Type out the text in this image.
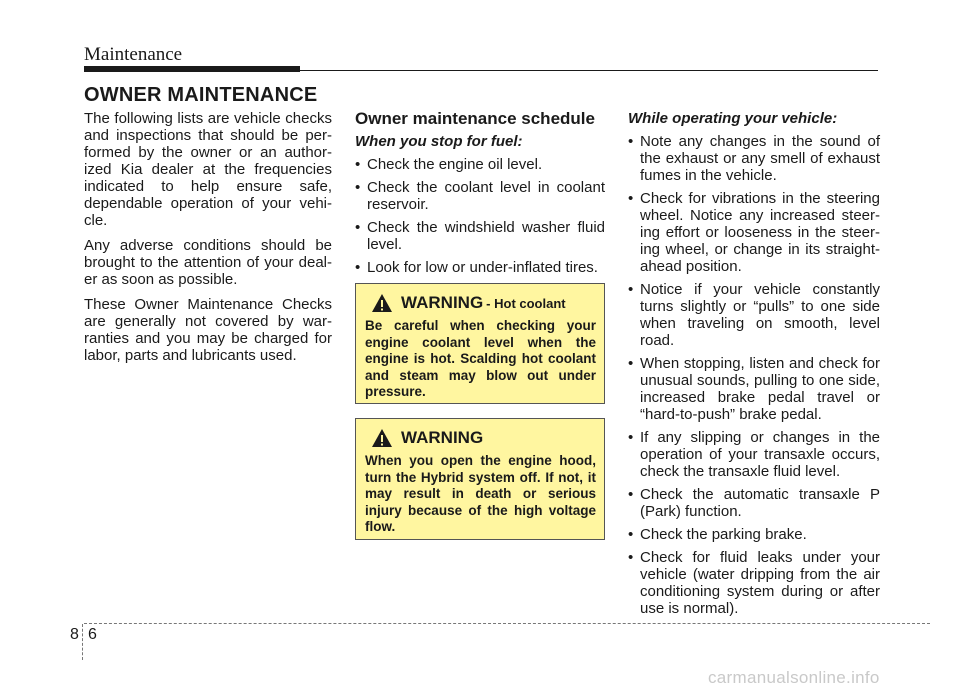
Maintenance
OWNER MAINTENANCE

The following lists are vehicle checks and inspections that should be per-formed by the owner or an author-ized Kia dealer at the frequencies indicated to help ensure safe, dependable operation of your vehi-cle.

Any adverse conditions should be brought to the attention of your deal-er as soon as possible.

These Owner Maintenance Checks are generally not covered by war-ranties and you may be charged for labor, parts and lubricants used.

Owner maintenance schedule
When you stop for fuel:
• Check the engine oil level.
• Check the coolant level in coolant reservoir.
• Check the windshield washer fluid level.
• Look for low or under-inflated tires.
WARNING - Hot coolant
Be careful when checking your engine coolant level when the engine is hot. Scalding hot coolant and steam may blow out under pressure.
WARNING
When you open the engine hood, turn the Hybrid system off. If not, it may result in death or serious injury because of the high voltage flow.
While operating your vehicle:
• Note any changes in the sound of the exhaust or any smell of exhaust fumes in the vehicle.
• Check for vibrations in the steering wheel. Notice any increased steer-ing effort or looseness in the steer-ing wheel, or change in its straight-ahead position.
• Notice if your vehicle constantly turns slightly or “pulls” to one side when traveling on smooth, level road.
• When stopping, listen and check for unusual sounds, pulling to one side, increased brake pedal travel or “hard-to-push” brake pedal.
• If any slipping or changes in the operation of your transaxle occurs, check the transaxle fluid level.
• Check the automatic transaxle P (Park) function.
• Check the parking brake.
• Check for fluid leaks under your vehicle (water dripping from the air conditioning system during or after use is normal).
8 6
carmanualsonline.info
